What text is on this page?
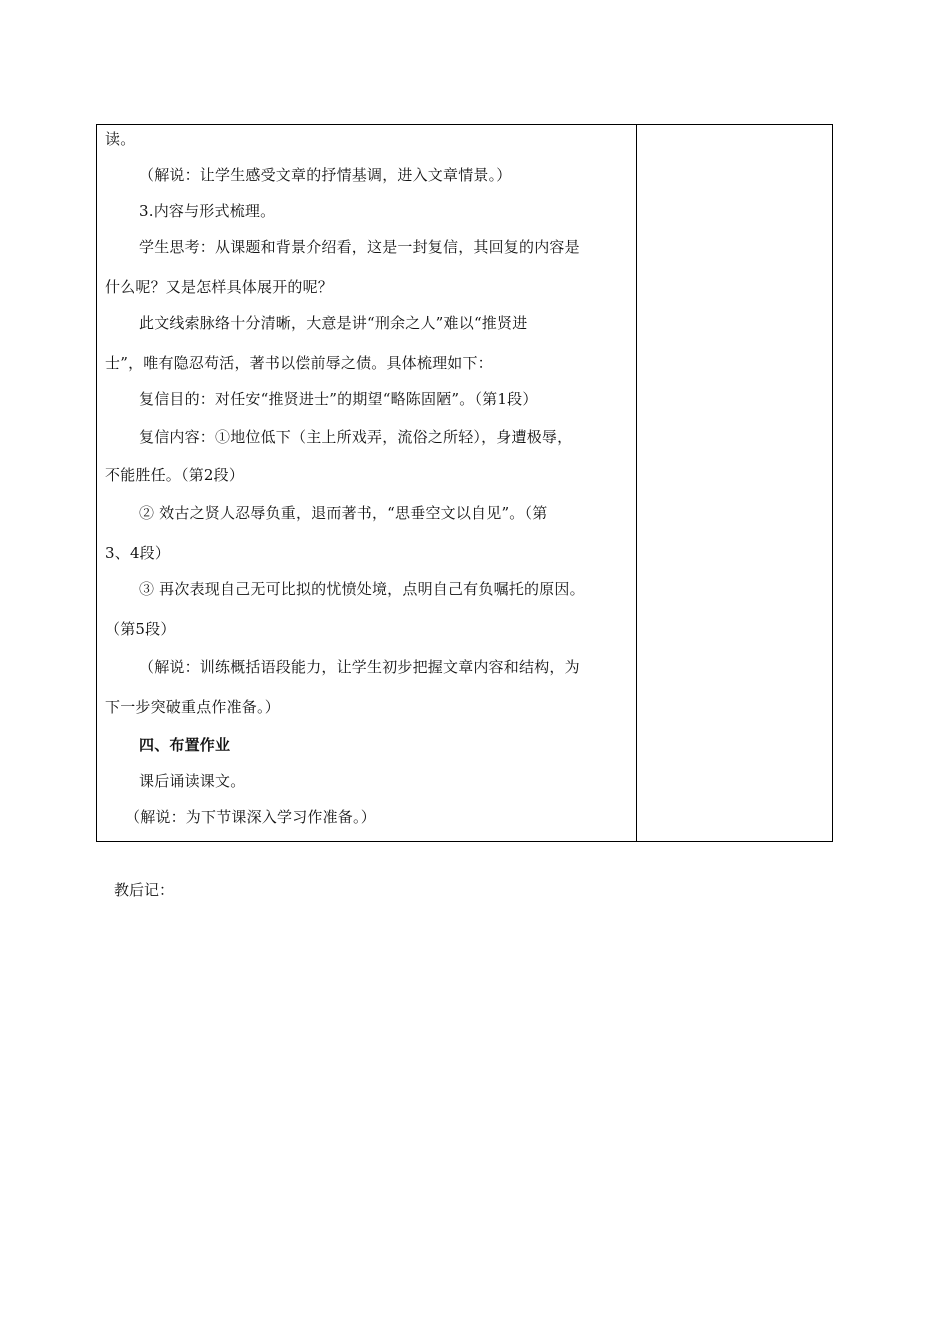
读。
（解说：让学生感受文章的抒情基调，进入文章情景。）
3.内容与形式梳理。
学生思考：从课题和背景介绍看，这是一封复信，其回复的内容是
什么呢？又是怎样具体展开的呢？
此文线索脉络十分清晰，大意是讲“刑余之人”难以“推贤进
士”，唯有隐忍苟活，著书以偿前辱之债。具体梳理如下：
复信目的：对任安“推贤进士”的期望“略陈固陋”。（第1段）
复信内容：①地位低下（主上所戏弄，流俗之所轻），身遭极辱，
不能胜任。（第2段）
② 效古之贤人忍辱负重，退而著书，“思垂空文以自见”。（第
3、4段）
③ 再次表现自己无可比拟的忧愤处境，点明自己有负嘱托的原因。
（第5段）
（解说：训练概括语段能力，让学生初步把握文章内容和结构，为
下一步突破重点作准备。）
四、布置作业
课后诵读课文。
（解说：为下节课深入学习作准备。）
教后记：
